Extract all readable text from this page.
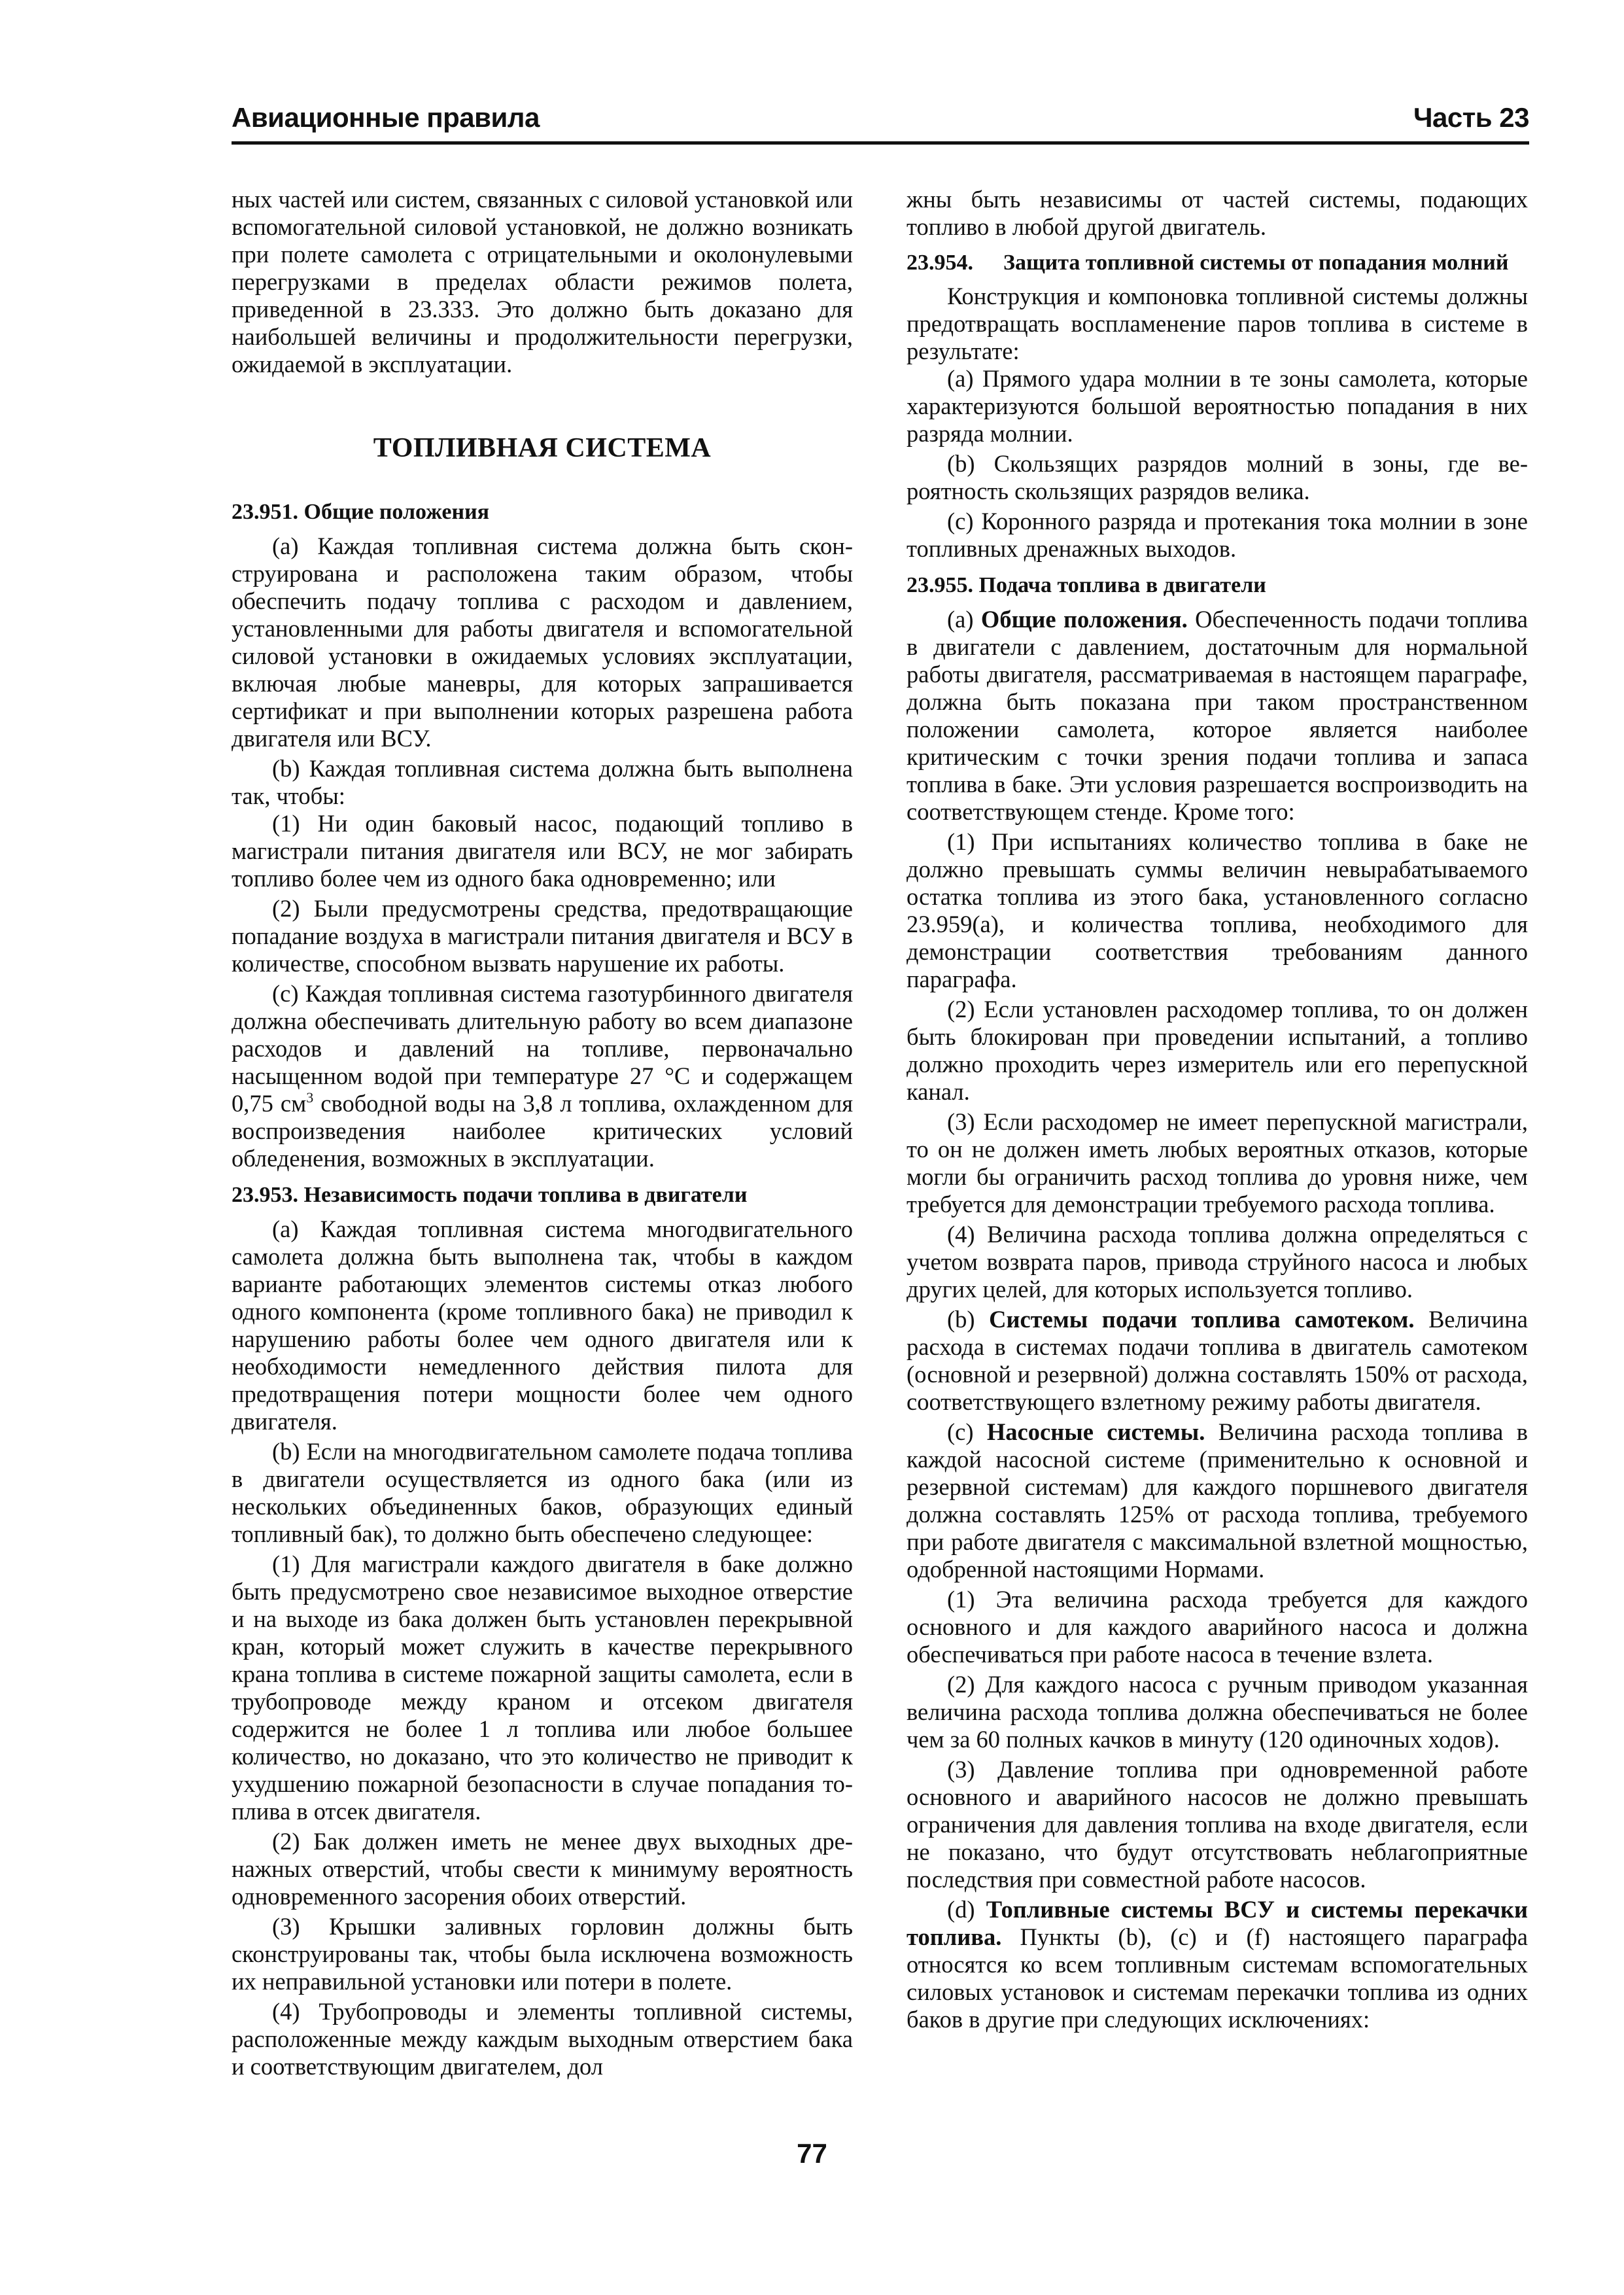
Авиационные правила	Часть 23

ных частей или систем, связанных с силовой установкой или вспомогательной силовой установкой, не должно возникать при полете самолета с отрицательными и околонулевыми перегрузками в пределах области режимов полета, приведенной в 23.333. Это должно быть доказано для наибольшей величины и продолжительности перегрузки, ожидаемой в эксплуатации.

ТОПЛИВНАЯ СИСТЕМА

23.951. Общие положения

(a) Каждая топливная система должна быть сконструирована и расположена таким образом, чтобы обеспечить подачу топлива с расходом и давлением, установленными для работы двигателя и вспомогательной силовой установки в ожидаемых условиях эксплуатации, включая любые маневры, для которых запрашивается сертификат и при выполнении которых разрешена работа двигателя или ВСУ.

(b) Каждая топливная система должна быть выполнена так, чтобы:

(1) Ни один баковый насос, подающий топливо в магистрали питания двигателя или ВСУ, не мог забирать топливо более чем из одного бака одновременно; или

(2) Были предусмотрены средства, предотвращающие попадание воздуха в магистрали питания двигателя и ВСУ в количестве, способном вызвать нарушение их работы.

(c) Каждая топливная система газотурбинного двигателя должна обеспечивать длительную работу во всем диапазоне расходов и давлений на топливе, первоначально насыщенном водой при температуре 27 °С и содержащем 0,75 $см^3$ свободной воды на 3,8 л топлива, охлажденном для воспроизведения наиболее критических условий обледенения, возможных в эксплуатации.

23.953. Независимость подачи топлива в двигатели

(a) Каждая топливная система многодвигательного самолета должна быть выполнена так, чтобы в каждом варианте работающих элементов системы отказ любого одного компонента (кроме топливного бака) не приводил к нарушению работы более чем одного двигателя или к необходимости немедленного действия пилота для предотвращения потери мощности более чем одного двигателя.

(b) Если на многодвигательном самолете подача топлива в двигатели осуществляется из одного бака (или из нескольких объединенных баков, образующих единый топливный бак), то должно быть обеспечено следующее:

(1) Для магистрали каждого двигателя в баке должно быть предусмотрено свое независимое выходное отверстие и на выходе из бака должен быть установлен перекрывной кран, который может служить в качестве перекрывного крана топлива в системе пожарной защиты самолета, если в трубопроводе между краном и отсеком двигателя содержится не более 1 л топлива или любое большее количество, но доказано, что это количество не приводит к ухудшению пожарной безопасности в случае попадания топлива в отсек двигателя.

(2) Бак должен иметь не менее двух выходных дренажных отверстий, чтобы свести к минимуму вероятность одновременного засорения обоих отверстий.

(3) Крышки заливных горловин должны быть сконструированы так, чтобы была исключена возможность их неправильной установки или потери в полете.

(4) Трубопроводы и элементы топливной системы, расположенные между каждым выходным отверстием бака и соответствующим двигателем, дол

жны быть независимы от частей системы, подающих топливо в любой другой двигатель.

23.954.	Защита топливной системы от попадания молний

Конструкция и компоновка топливной системы должны предотвращать воспламенение паров топлива в системе в результате:

(a) Прямого удара молнии в те зоны самолета, которые характеризуются большой вероятностью попадания в них разряда молнии.

(b) Скользящих разрядов молний в зоны, где вероятность скользящих разрядов велика.

(c) Коронного разряда и протекания тока молнии в зоне топливных дренажных выходов.

23.955. Подача топлива в двигатели

(a) Общие положения. Обеспеченность подачи топлива в двигатели с давлением, достаточным для нормальной работы двигателя, рассматриваемая в настоящем параграфе, должна быть показана при таком пространственном положении самолета, которое является наиболее критическим с точки зрения подачи топлива и запаса топлива в баке. Эти условия разрешается воспроизводить на соответствующем стенде. Кроме того:

(1) При испытаниях количество топлива в баке не должно превышать суммы величин невырабатываемого остатка топлива из этого бака, установленного согласно 23.959(a), и количества топлива, необходимого для демонстрации соответствия требованиям данного параграфа.

(2) Если установлен расходомер топлива, то он должен быть блокирован при проведении испытаний, а топливо должно проходить через измеритель или его перепускной канал.

(3) Если расходомер не имеет перепускной магистрали, то он не должен иметь любых вероятных отказов, которые могли бы ограничить расход топлива до уровня ниже, чем требуется для демонстрации требуемого расхода топлива.

(4) Величина расхода топлива должна определяться с учетом возврата паров, привода струйного насоса и любых других целей, для которых используется топливо.

(b) Системы подачи топлива самотеком. Величина расхода в системах подачи топлива в двигатель самотеком (основной и резервной) должна составлять 150% от расхода, соответствующего взлетному режиму работы двигателя.

(c) Насосные системы. Величина расхода топлива в каждой насосной системе (применительно к основной и резервной системам) для каждого поршневого двигателя должна составлять 125% от расхода топлива, требуемого при работе двигателя с максимальной взлетной мощностью, одобренной настоящими Нормами.

(1) Эта величина расхода требуется для каждого основного и для каждого аварийного насоса и должна обеспечиваться при работе насоса в течение взлета.

(2) Для каждого насоса с ручным приводом указанная величина расхода топлива должна обеспечиваться не более чем за 60 полных качков в минуту (120 одиночных ходов).

(3) Давление топлива при одновременной работе основного и аварийного насосов не должно превышать ограничения для давления топлива на входе двигателя, если не показано, что будут отсутствовать неблагоприятные последствия при совместной работе насосов.

(d) Топливные системы ВСУ и системы перекачки топлива. Пункты (b), (c) и (f) настоящего параграфа относятся ко всем топливным системам вспомогательных силовых установок и системам перекачки топлива из одних баков в другие при следующих исключениях:

77
